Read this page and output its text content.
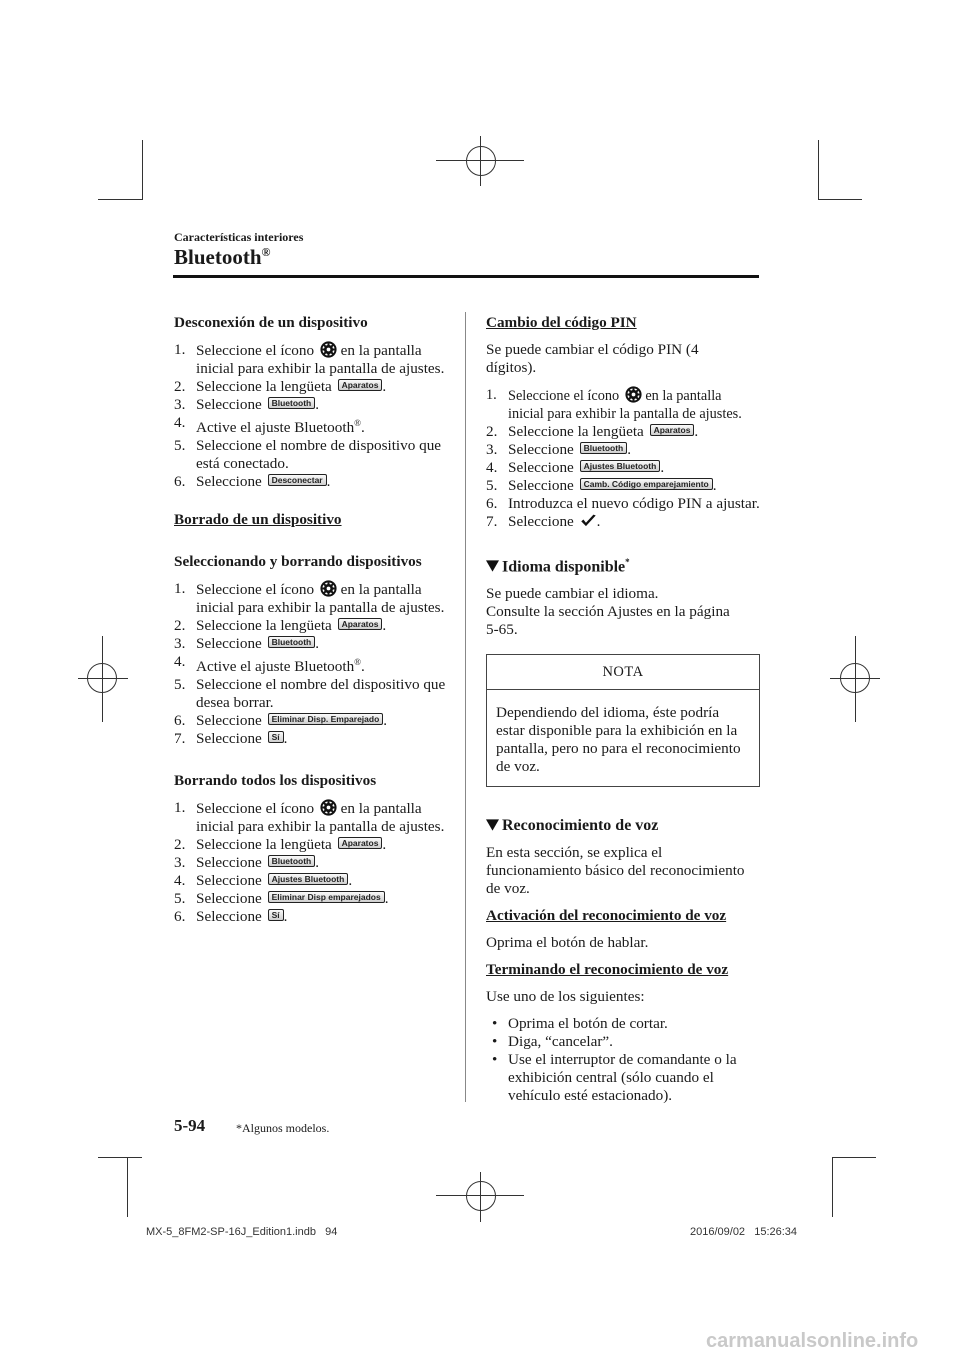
Características interiores
Bluetooth®
Desconexión de un dispositivo
1. Seleccione el ícono en la pantalla inicial para exhibir la pantalla de ajustes.
2. Seleccione la lengüeta Aparatos .
3. Seleccione Bluetooth .
4. Active el ajuste Bluetooth®.
5. Seleccione el nombre de dispositivo que está conectado.
6. Seleccione Desconectar .
Borrado de un dispositivo
Seleccionando y borrando dispositivos
1. Seleccione el ícono en la pantalla inicial para exhibir la pantalla de ajustes.
2. Seleccione la lengüeta Aparatos .
3. Seleccione Bluetooth .
4. Active el ajuste Bluetooth®.
5. Seleccione el nombre del dispositivo que desea borrar.
6. Seleccione Eliminar Disp. Emparejado .
7. Seleccione Sí .
Borrando todos los dispositivos
1. Seleccione el ícono en la pantalla inicial para exhibir la pantalla de ajustes.
2. Seleccione la lengüeta Aparatos .
3. Seleccione Bluetooth .
4. Seleccione Ajustes Bluetooth .
5. Seleccione Eliminar Disp emparejados .
6. Seleccione Sí .
Cambio del código PIN

Se puede cambiar el código PIN (4 dígitos).

1. Seleccione el ícono en la pantalla inicial para exhibir la pantalla de ajustes.
2. Seleccione la lengüeta Aparatos .
3. Seleccione Bluetooth .
4. Seleccione Ajustes Bluetooth .
5. Seleccione Camb. Código emparejamiento .
6. Introduzca el nuevo código PIN a ajustar.
7. Seleccione .
Idioma disponible*

Se puede cambiar el idioma.

Consulte la sección Ajustes en la página 5-65.

NOTA
Dependiendo del idioma, éste podría estar disponible para la exhibición en la pantalla, pero no para el reconocimiento de voz.
Reconocimiento de voz

En esta sección, se explica el funcionamiento básico del reconocimiento de voz.

Activación del reconocimiento de voz

Oprima el botón de hablar.

Terminando el reconocimiento de voz

Use uno de los siguientes:

• Oprima el botón de cortar.
• Diga, “cancelar”.
• Use el interruptor de comandante o la exhibición central (sólo cuando el vehículo esté estacionado).
5-94	*Algunos modelos.
MX-5_8FM2-SP-16J_Edition1.indb   94	2016/09/02   15:26:34
carmanualsonline.info
